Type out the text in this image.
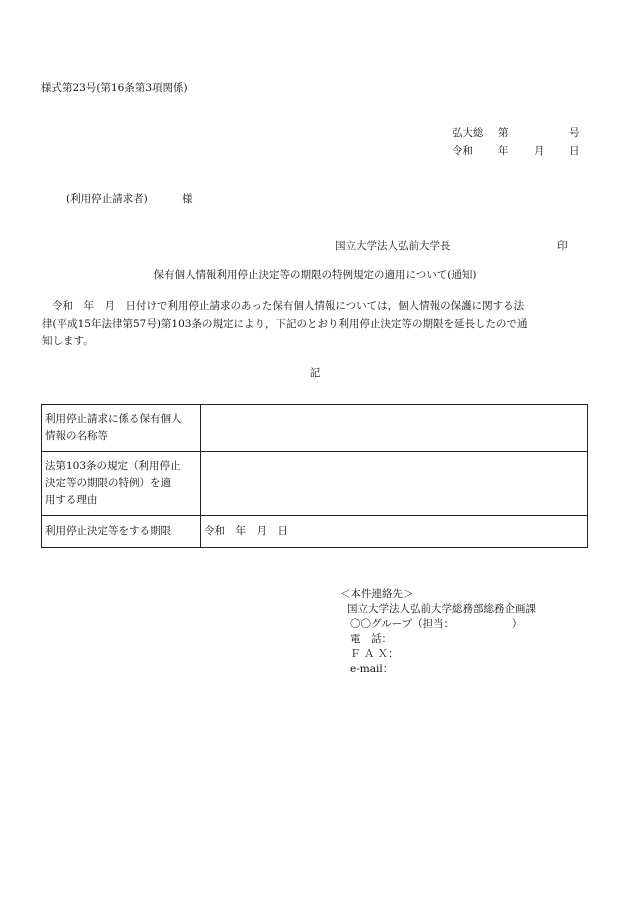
様式第23号(第16条第3項関係)
弘大総 第	号
令和 年 月 日
(利用停止請求者)	様
国立大学法人弘前大学長	印
保有個人情報利用停止決定等の期限の特例規定の適用について(通知)
令和　年　月　日付けで利用停止請求のあった保有個人情報については，個人情報の保護に関する法
律(平成15年法律第57号)第103条の規定により，下記のとおり利用停止決定等の期限を延長したので通
知します。
記
利用停止請求に係る保有個人
情報の名称等	

法第103条の規定（利用停止
決定等の期限の特例）を適
用する理由	

利用停止決定等をする期限	令和　年　月　日
＜本件連絡先＞
国立大学法人弘前大学総務部総務企画課
〇〇グループ（担当：　　　　　　）
電　話：
Ｆ Ａ Ｘ：
e-mail：
